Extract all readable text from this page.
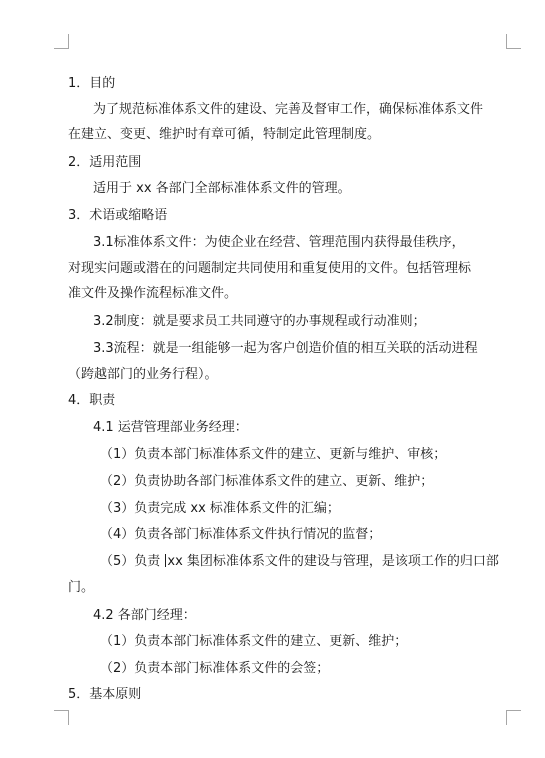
1．目的
为了规范标准体系文件的建设、完善及督审工作，确保标准体系文件
在建立、变更、维护时有章可循，特制定此管理制度。
2．适用范围
适用于 xx 各部门全部标准体系文件的管理。
3．术语或缩略语
3.1标准体系文件：为使企业在经营、管理范围内获得最佳秩序，
对现实问题或潜在的问题制定共同使用和重复使用的文件。包括管理标
准文件及操作流程标准文件。
3.2制度：就是要求员工共同遵守的办事规程或行动准则；
3.3流程：就是一组能够一起为客户创造价值的相互关联的活动进程
（跨越部门的业务行程）。
4．职责
4.1 运营管理部业务经理：
（1）负责本部门标准体系文件的建立、更新与维护、审核；
（2）负责协助各部门标准体系文件的建立、更新、维护；
（3）负责完成 xx 标准体系文件的汇编；
（4）负责各部门标准体系文件执行情况的监督；
（5）负责 xx 集团标准体系文件的建设与管理，是该项工作的归口部
门。
4.2 各部门经理：
（1）负责本部门标准体系文件的建立、更新、维护；
（2）负责本部门标准体系文件的会签；
5．基本原则
